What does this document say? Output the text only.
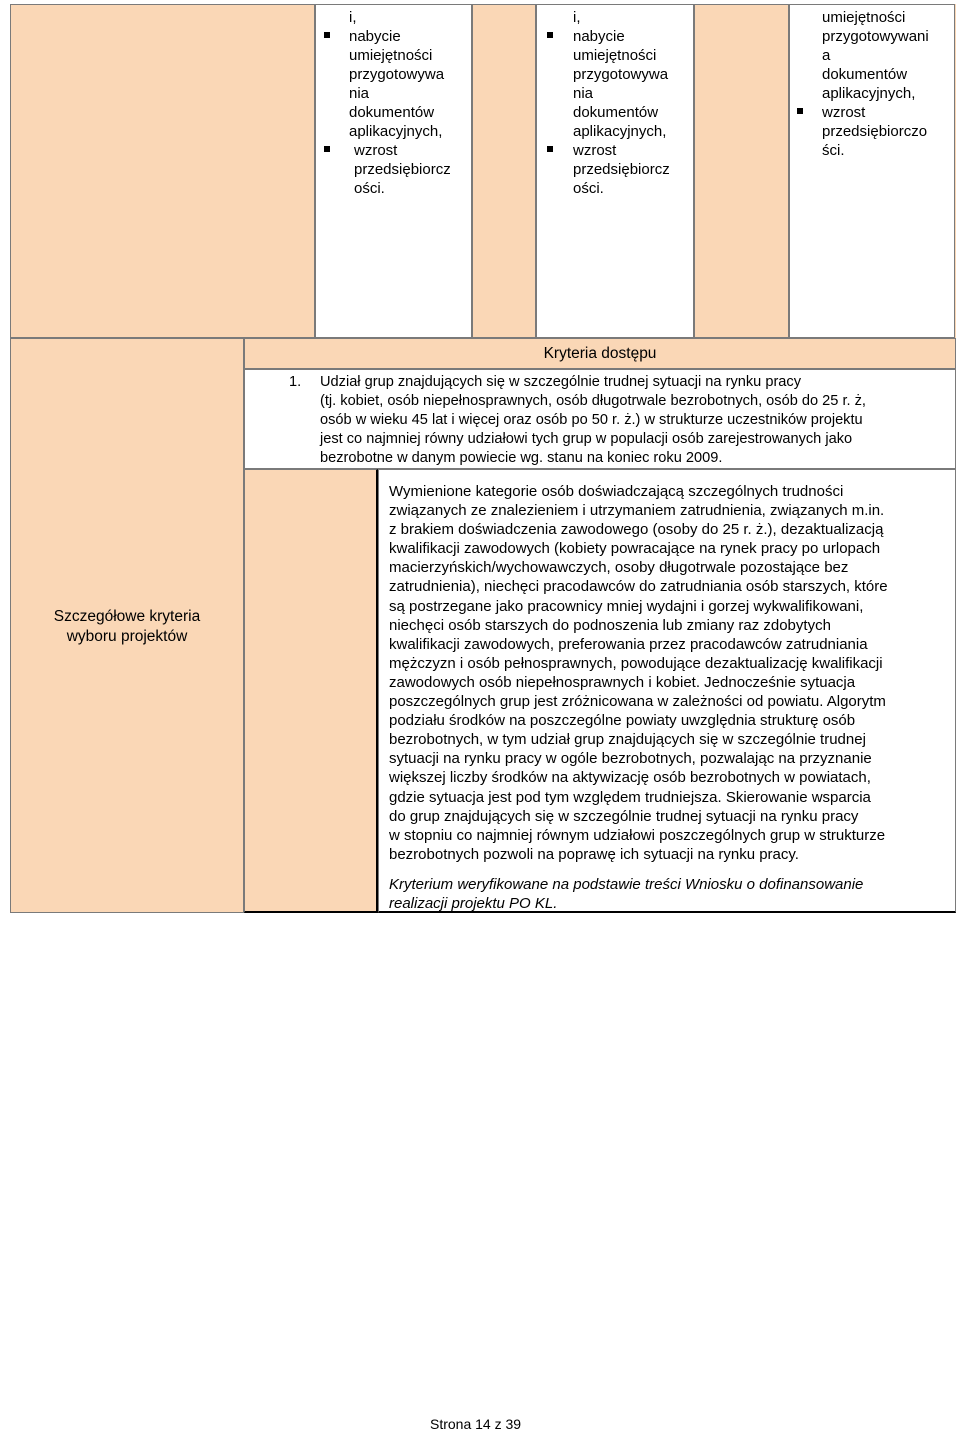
i,
nabycie
umiejętności
przygotowywa
nia
dokumentów
aplikacyjnych,
wzrost
przedsiębiorcz
ości.
i,
nabycie
umiejętności
przygotowywa
nia
dokumentów
aplikacyjnych,
wzrost
przedsiębiorcz
ości.
umiejętności
przygotowywani
a
dokumentów
aplikacyjnych,
wzrost
przedsiębiorczo
ści.
Szczegółowe kryteria
wyboru projektów
Kryteria dostępu
1. Udział grup znajdujących się w szczególnie trudnej sytuacji na rynku pracy
(tj. kobiet, osób niepełnosprawnych, osób długotrwale bezrobotnych, osób do 25 r. ż,
osób w wieku 45 lat i więcej oraz osób po 50 r. ż.) w strukturze uczestników projektu
jest co najmniej równy udziałowi tych grup w populacji osób zarejestrowanych jako
bezrobotne w danym powiecie wg. stanu na koniec roku 2009.
Wymienione kategorie osób doświadczającą szczególnych trudności
związanych ze znalezieniem i utrzymaniem zatrudnienia, związanych m.in.
z brakiem doświadczenia zawodowego (osoby do 25 r. ż.), dezaktualizacją
kwalifikacji zawodowych (kobiety powracające na rynek pracy po urlopach
macierzyńskich/wychowawczych, osoby długotrwale pozostające bez
zatrudnienia), niechęci pracodawców do zatrudniania osób starszych, które
są postrzegane jako pracownicy mniej wydajni i gorzej wykwalifikowani,
niechęci osób starszych do podnoszenia lub zmiany raz zdobytych
kwalifikacji zawodowych, preferowania przez pracodawców zatrudniania
mężczyzn i osób pełnosprawnych, powodujące dezaktualizację kwalifikacji
zawodowych osób niepełnosprawnych i kobiet. Jednocześnie sytuacja
poszczególnych grup jest zróżnicowana w zależności od powiatu. Algorytm
podziału środków na poszczególne powiaty uwzględnia strukturę osób
bezrobotnych, w tym udział grup znajdujących się w szczególnie trudnej
sytuacji na rynku pracy w ogóle bezrobotnych, pozwalając na przyznanie
większej liczby środków na aktywizację osób bezrobotnych w powiatach,
gdzie sytuacja jest pod tym względem trudniejsza. Skierowanie wsparcia
do grup znajdujących się w szczególnie trudnej sytuacji na rynku pracy
w stopniu co najmniej równym udziałowi poszczególnych grup w strukturze
bezrobotnych pozwoli na poprawę ich sytuacji na rynku pracy.
Kryterium weryfikowane na podstawie treści Wniosku o dofinansowanie
realizacji projektu PO KL.
Strona 14 z 39
